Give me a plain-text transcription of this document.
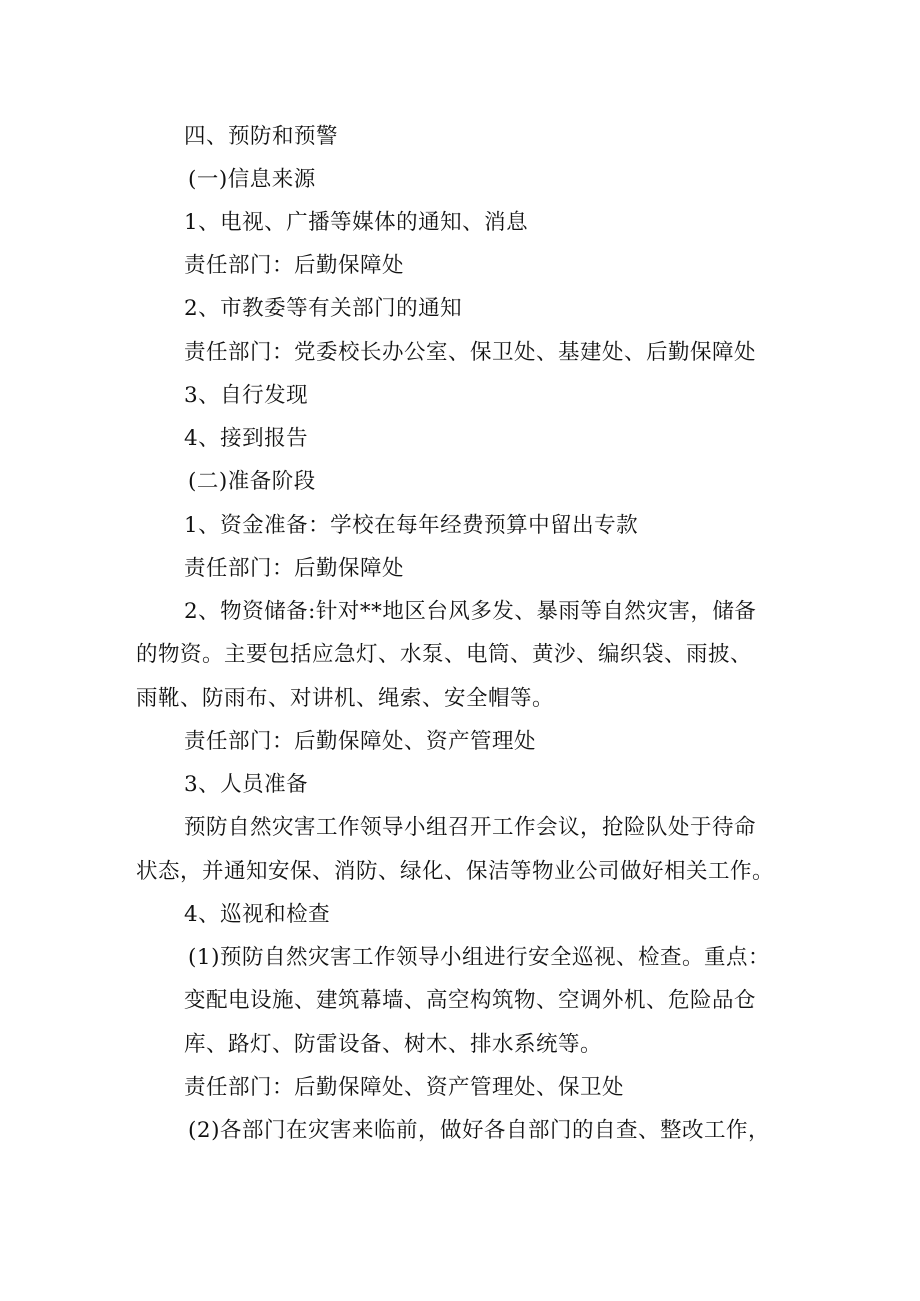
四、预防和预警
(一)信息来源
1、电视、广播等媒体的通知、消息
责任部门：后勤保障处
2、市教委等有关部门的通知
责任部门：党委校长办公室、保卫处、基建处、后勤保障处
3、自行发现
4、接到报告
(二)准备阶段
1、资金准备：学校在每年经费预算中留出专款
责任部门：后勤保障处
2、物资储备:针对**地区台风多发、暴雨等自然灾害，储备
的物资。主要包括应急灯、水泵、电筒、黄沙、编织袋、雨披、
雨靴、防雨布、对讲机、绳索、安全帽等。
责任部门：后勤保障处、资产管理处
3、人员准备
预防自然灾害工作领导小组召开工作会议，抢险队处于待命
状态，并通知安保、消防、绿化、保洁等物业公司做好相关工作。
4、巡视和检查
(1)预防自然灾害工作领导小组进行安全巡视、检查。重点：
变配电设施、建筑幕墙、高空构筑物、空调外机、危险品仓
库、路灯、防雷设备、树木、排水系统等。
责任部门：后勤保障处、资产管理处、保卫处
(2)各部门在灾害来临前，做好各自部门的自查、整改工作，
